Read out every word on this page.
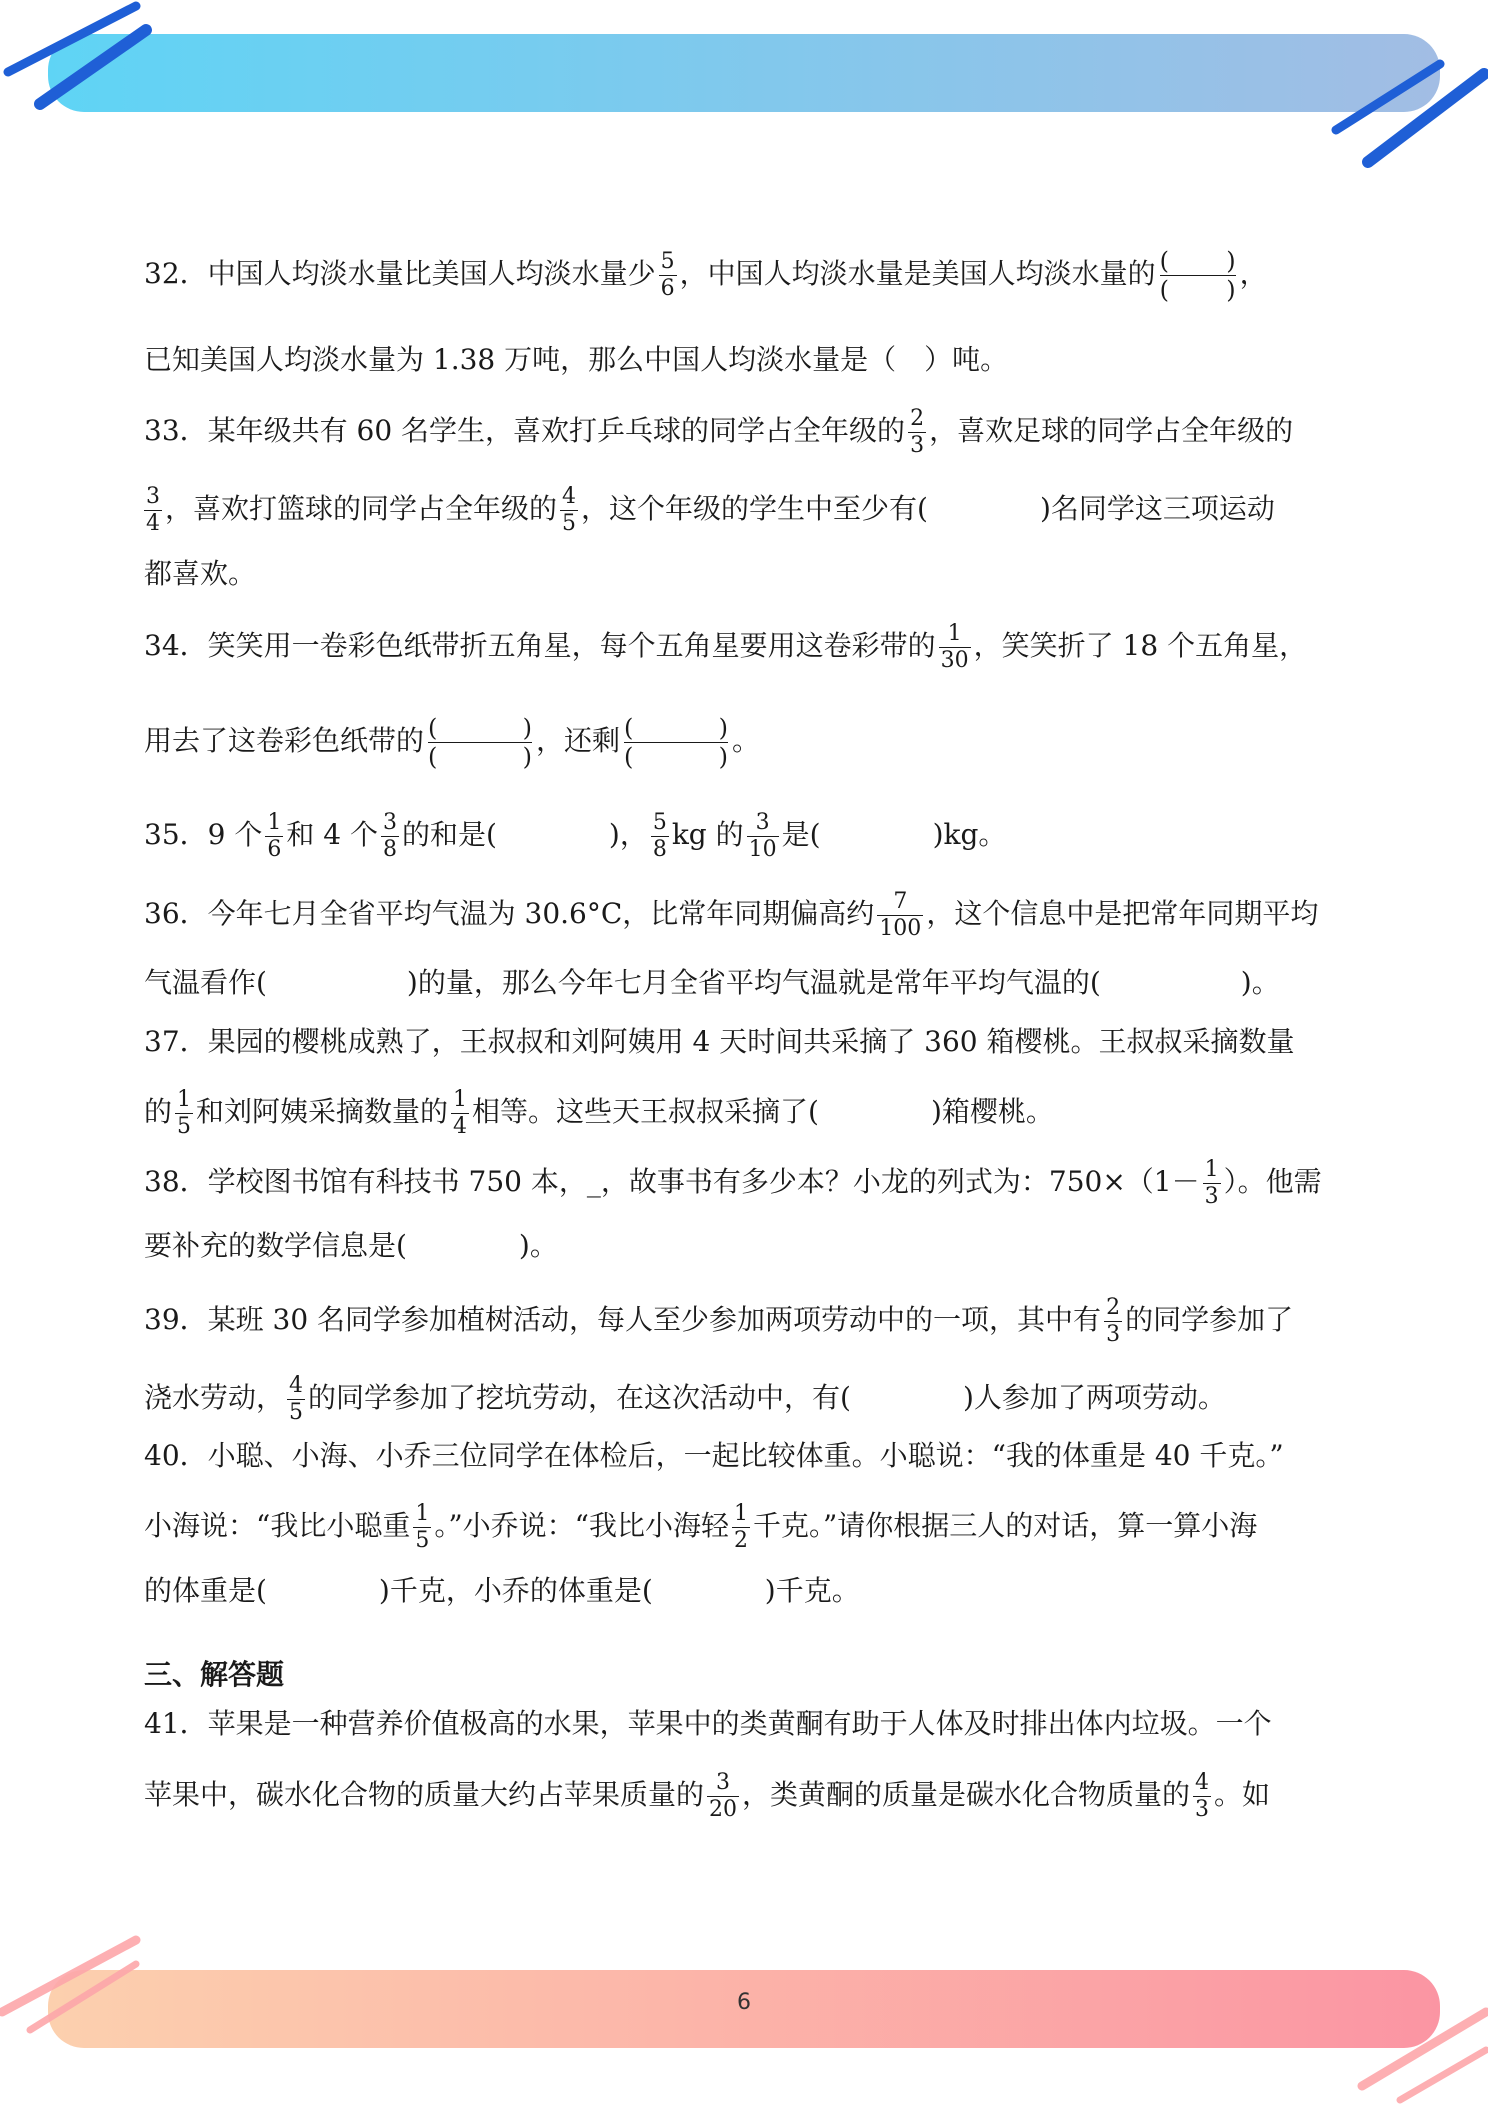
32．中国人均淡水量比美国人均淡水量少 $\frac{5}{6}$ ，中国人均淡水量是美国人均淡水量的 $\frac{( )}{( )}$ ，
已知美国人均淡水量为 1.38 万吨，那么中国人均淡水量是（　）吨。
33．某年级共有 60 名学生，喜欢打乒乓球的同学占全年级的 $\frac{2}{3}$ ，喜欢足球的同学占全年级的
$\frac{3}{4}$ ，喜欢打篮球的同学占全年级的 $\frac{4}{5}$ ，这个年级的学生中至少有(　　　　)名同学这三项运动
都喜欢。
34．笑笑用一卷彩色纸带折五角星，每个五角星要用这卷彩带的 $\frac{1}{30}$ ，笑笑折了 18 个五角星，
用去了这卷彩色纸带的 (	)
(	) ，还剩 (	)
(	) 。
35．9 个 $\frac{1}{6}$ 和 4 个 $\frac{3}{8}$ 的和是(　　　　)， $\frac{5}{8}$ kg 的 $\frac{3}{10}$ 是(　　　　)kg。
36．今年七月全省平均气温为 30.6°C，比常年同期偏高约 $\frac{7}{100}$ ，这个信息中是把常年同期平均
气温看作(　　　　　)的量，那么今年七月全省平均气温就是常年平均气温的(　　　　　)。
37．果园的樱桃成熟了，王叔叔和刘阿姨用 4 天时间共采摘了 360 箱樱桃。王叔叔采摘数量
的 $\frac{1}{5}$ 和刘阿姨采摘数量的 $\frac{1}{4}$ 相等。这些天王叔叔采摘了(　　　　)箱樱桃。
38．学校图书馆有科技书 750 本，_，故事书有多少本？小龙的列式为：$750\times(1- \frac{1}{3}$ ）。他需
要补充的数学信息是(　　　　)。
39．某班 30 名同学参加植树活动，每人至少参加两项劳动中的一项，其中有 $\frac{2}{3}$ 的同学参加了
浇水劳动， $\frac{4}{5}$ 的同学参加了挖坑劳动，在这次活动中，有(　　　　)人参加了两项劳动。
40．小聪、小海、小乔三位同学在体检后，一起比较体重。小聪说：“我的体重是 40 千克。”
小海说：“我比小聪重 $\frac{1}{5}$ 。”小乔说：“我比小海轻 $\frac{1}{2}$ 千克。”请你根据三人的对话，算一算小海
的体重是(　　　　)千克，小乔的体重是(　　　　)千克。
三、解答题
41．苹果是一种营养价值极高的水果，苹果中的类黄酮有助于人体及时排出体内垃圾。一个
苹果中，碳水化合物的质量大约占苹果质量的 $\frac{3}{20}$ ，类黄酮的质量是碳水化合物质量的 $\frac{4}{3}$ 。如
6
